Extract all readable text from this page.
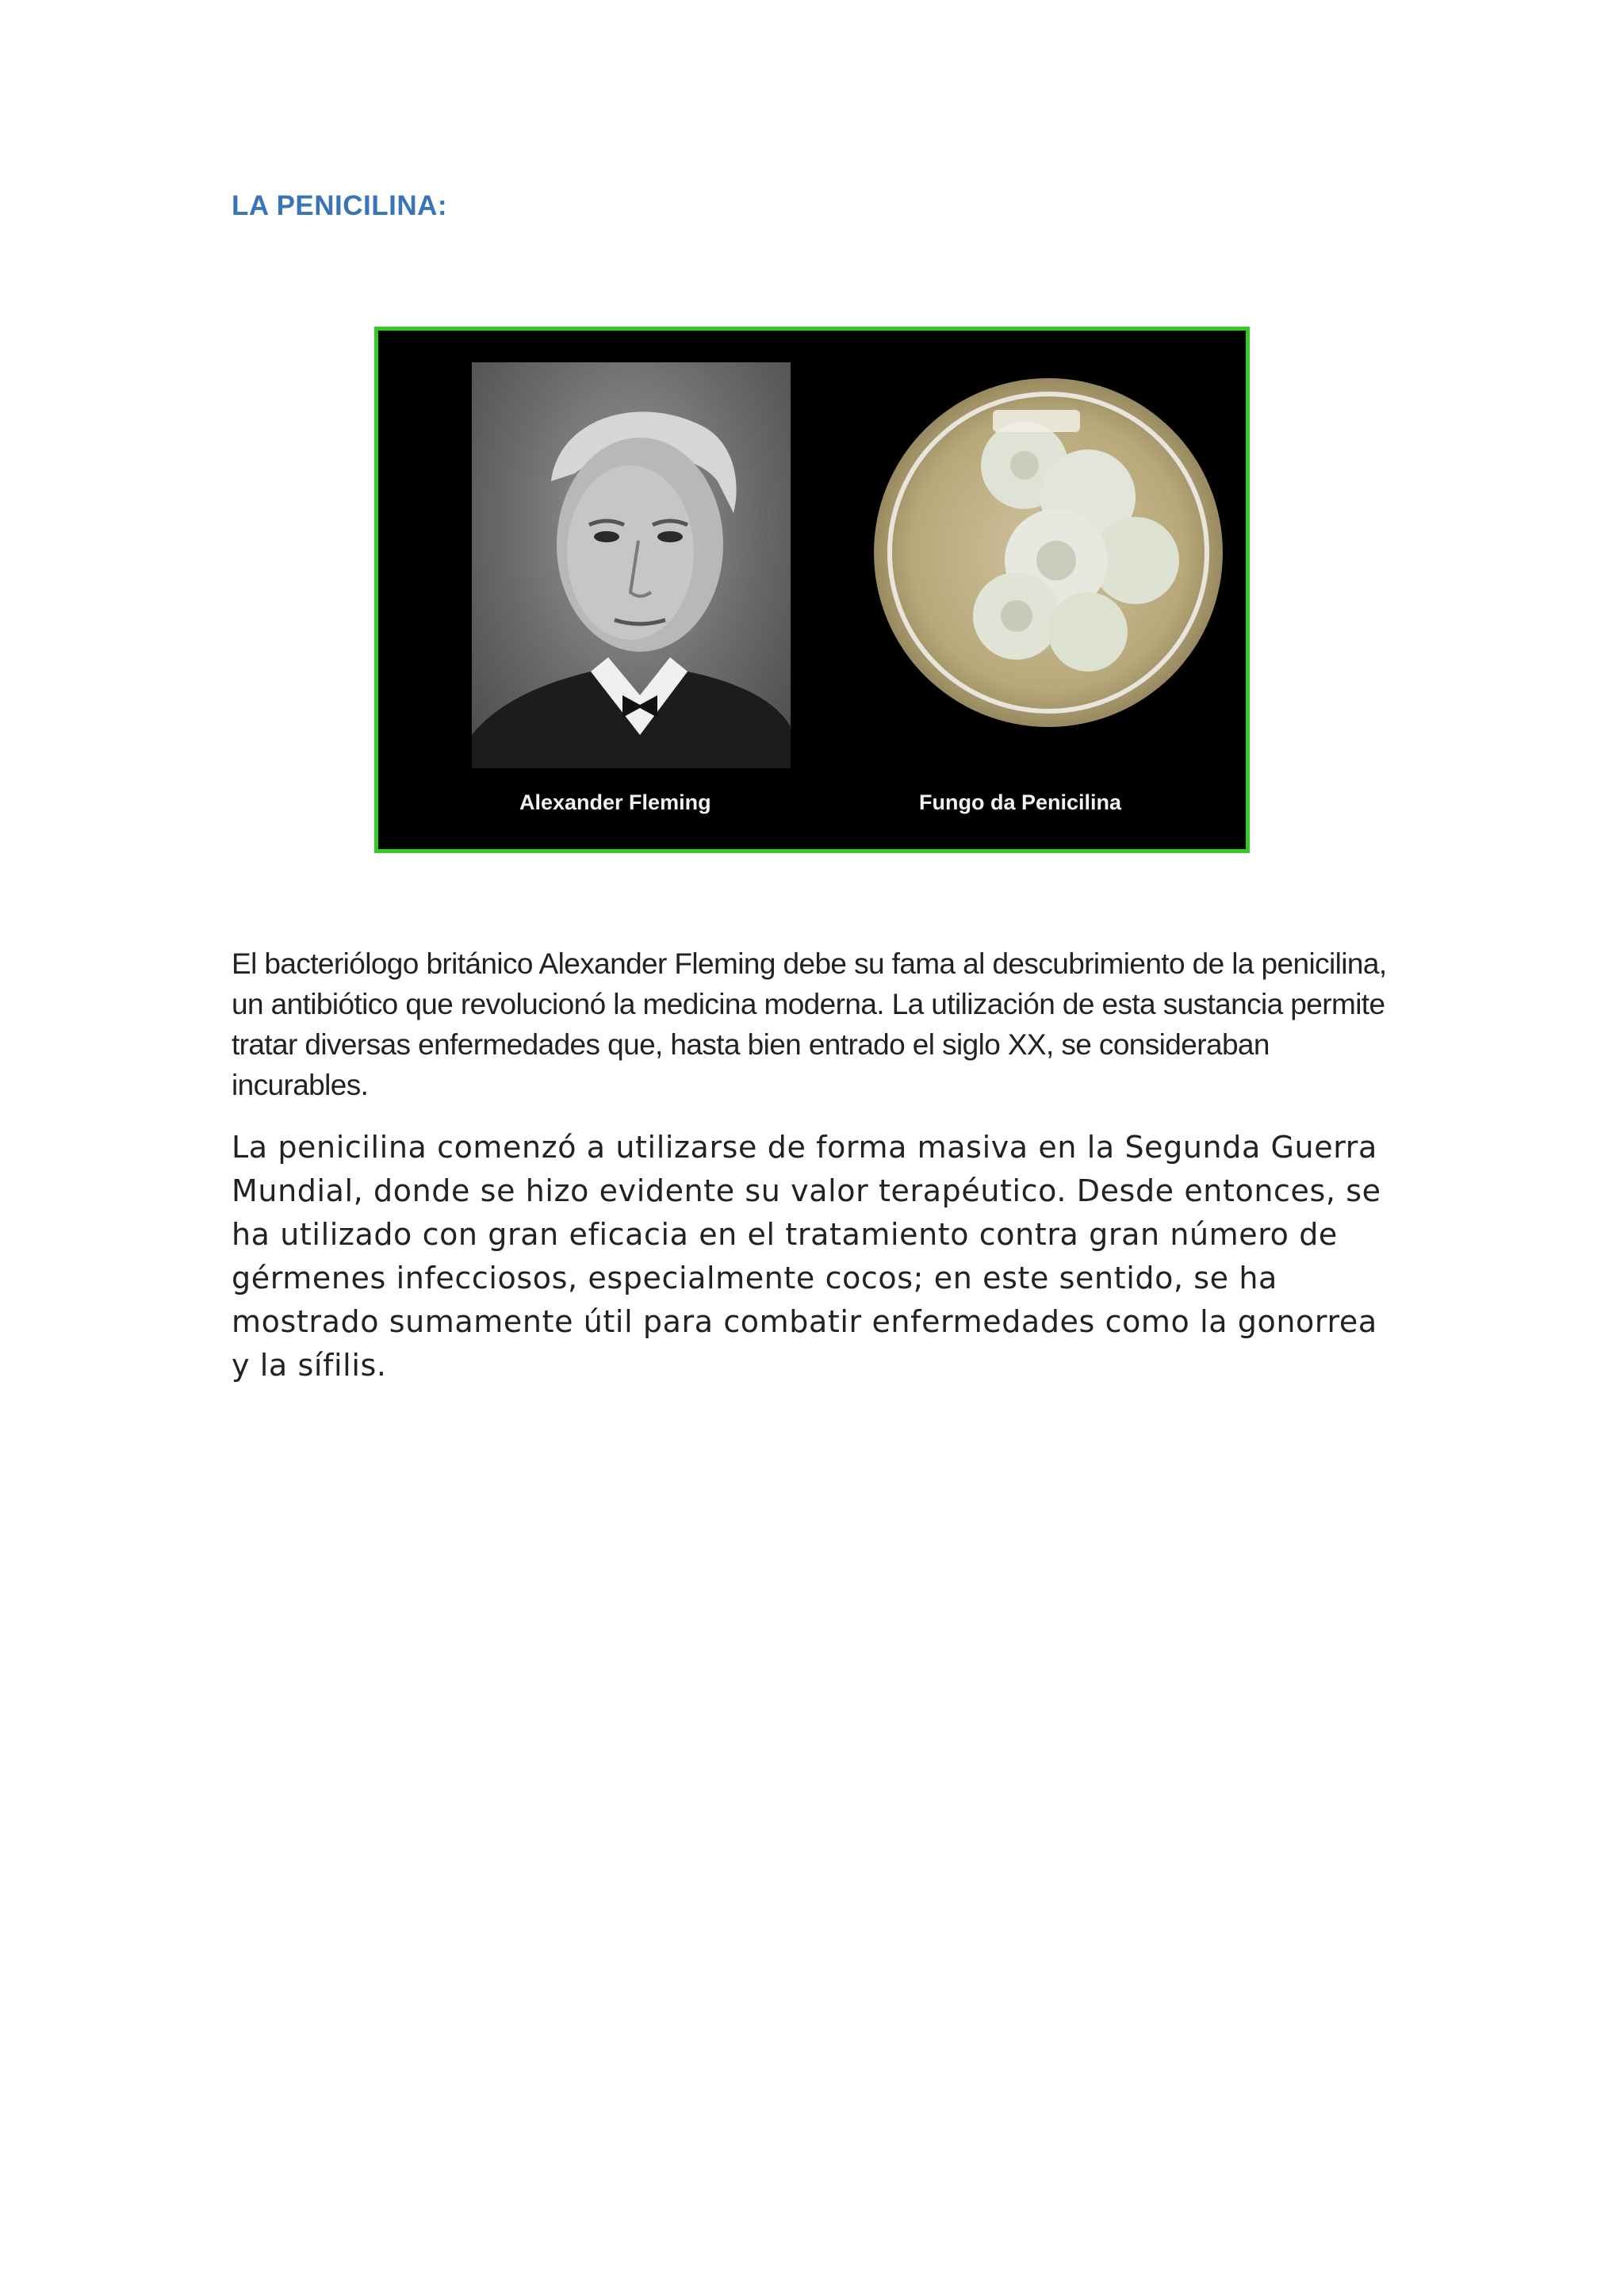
LA PENICILINA:

Alexander Fleming	Fungo da Penicilina

El bacteriólogo británico Alexander Fleming debe su fama al descubrimiento de la penicilina, un antibiótico que revolucionó la medicina moderna. La utilización de esta sustancia permite tratar diversas enfermedades que, hasta bien entrado el siglo XX, se consideraban incurables.

La penicilina comenzó a utilizarse de forma masiva en la Segunda Guerra Mundial, donde se hizo evidente su valor terapéutico. Desde entonces, se ha utilizado con gran eficacia en el tratamiento contra gran número de gérmenes infecciosos, especialmente cocos; en este sentido, se ha mostrado sumamente útil para combatir enfermedades como la gonorrea y la sífilis.
